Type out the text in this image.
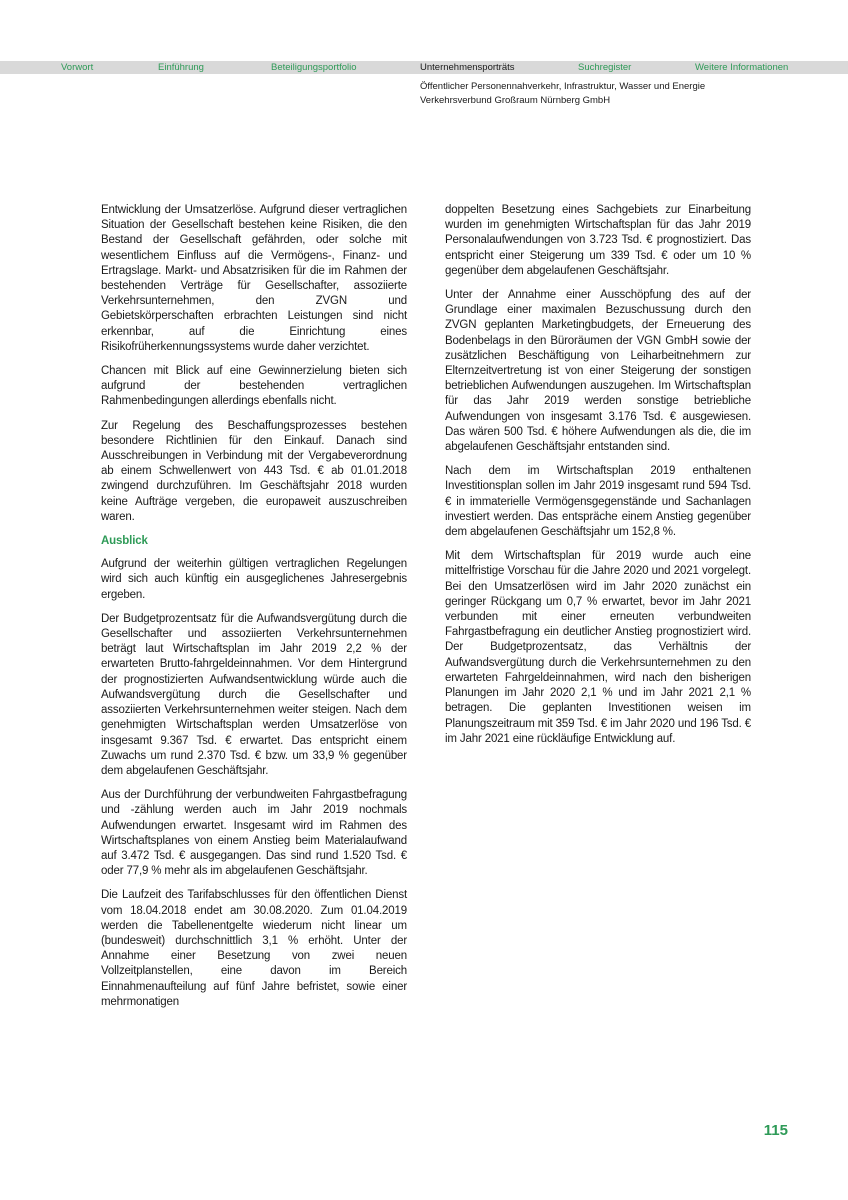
Vorwort	Einführung	Beteiligungsportfolio	Unternehmensporträts	Suchregister	Weitere Informationen
Öffentlicher Personennahverkehr, Infrastruktur, Wasser und Energie
Verkehrsverbund Großraum Nürnberg GmbH

Entwicklung der Umsatzerlöse. Aufgrund dieser vertraglichen Situation der Gesellschaft bestehen keine Risiken, die den Bestand der Gesellschaft gefährden, oder solche mit wesentlichem Einfluss auf die Vermögens-, Finanz- und Ertragslage. Markt- und Absatzrisiken für die im Rahmen der bestehenden Verträge für Gesellschafter, assoziierte Verkehrsunternehmen, den ZVGN und Gebietskörperschaften erbrachten Leistungen sind nicht erkennbar, auf die Einrichtung eines Risikofrüherkennungssystems wurde daher verzichtet.

Chancen mit Blick auf eine Gewinnerzielung bieten sich aufgrund der bestehenden vertraglichen Rahmenbedingungen allerdings ebenfalls nicht.

Zur Regelung des Beschaffungsprozesses bestehen besondere Richtlinien für den Einkauf. Danach sind Ausschreibungen in Verbindung mit der Vergabeverordnung ab einem Schwellenwert von 443 Tsd. € ab 01.01.2018 zwingend durchzuführen. Im Geschäftsjahr 2018 wurden keine Aufträge vergeben, die europaweit auszuschreiben waren.

Ausblick

Aufgrund der weiterhin gültigen vertraglichen Regelungen wird sich auch künftig ein ausgeglichenes Jahresergebnis ergeben.

Der Budgetprozentsatz für die Aufwandsvergütung durch die Gesellschafter und assoziierten Verkehrsunternehmen beträgt laut Wirtschaftsplan im Jahr 2019 2,2 % der erwarteten Brutto-fahrgeldeinnahmen. Vor dem Hintergrund der prognostizierten Aufwandsentwicklung würde auch die Aufwandsvergütung durch die Gesellschafter und assoziierten Verkehrsunternehmen weiter steigen. Nach dem genehmigten Wirtschaftsplan werden Umsatzerlöse von insgesamt 9.367 Tsd. € erwartet. Das entspricht einem Zuwachs um rund 2.370 Tsd. € bzw. um 33,9 % gegenüber dem abgelaufenen Geschäftsjahr.

Aus der Durchführung der verbundweiten Fahrgastbefragung und -zählung werden auch im Jahr 2019 nochmals Aufwendungen erwartet. Insgesamt wird im Rahmen des Wirtschaftsplanes von einem Anstieg beim Materialaufwand auf 3.472 Tsd. € ausgegangen. Das sind rund 1.520 Tsd. € oder 77,9 % mehr als im abgelaufenen Geschäftsjahr.

Die Laufzeit des Tarifabschlusses für den öffentlichen Dienst vom 18.04.2018 endet am 30.08.2020. Zum 01.04.2019 werden die Tabellenentgelte wiederum nicht linear um (bundesweit) durchschnittlich 3,1 % erhöht. Unter der Annahme einer Besetzung von zwei neuen Vollzeitplanstellen, eine davon im Bereich Einnahmenaufteilung auf fünf Jahre befristet, sowie einer mehrmonatigen

doppelten Besetzung eines Sachgebiets zur Einarbeitung wurden im genehmigten Wirtschaftsplan für das Jahr 2019 Personalaufwendungen von 3.723 Tsd. € prognostiziert. Das entspricht einer Steigerung um 339 Tsd. € oder um 10 % gegenüber dem abgelaufenen Geschäftsjahr.

Unter der Annahme einer Ausschöpfung des auf der Grundlage einer maximalen Bezuschussung durch den ZVGN geplanten Marketingbudgets, der Erneuerung des Bodenbelags in den Büroräumen der VGN GmbH sowie der zusätzlichen Beschäftigung von Leiharbeitnehmern zur Elternzeitvertretung ist von einer Steigerung der sonstigen betrieblichen Aufwendungen auszugehen. Im Wirtschaftsplan für das Jahr 2019 werden sonstige betriebliche Aufwendungen von insgesamt 3.176 Tsd. € ausgewiesen. Das wären 500 Tsd. € höhere Aufwendungen als die, die im abgelaufenen Geschäftsjahr entstanden sind.

Nach dem im Wirtschaftsplan 2019 enthaltenen Investitionsplan sollen im Jahr 2019 insgesamt rund 594 Tsd. € in immaterielle Vermögensgegenstände und Sachanlagen investiert werden. Das entspräche einem Anstieg gegenüber dem abgelaufenen Geschäftsjahr um 152,8 %.

Mit dem Wirtschaftsplan für 2019 wurde auch eine mittelfristige Vorschau für die Jahre 2020 und 2021 vorgelegt. Bei den Umsatzerlösen wird im Jahr 2020 zunächst ein geringer Rückgang um 0,7 % erwartet, bevor im Jahr 2021 verbunden mit einer erneuten verbundweiten Fahrgastbefragung ein deutlicher Anstieg prognostiziert wird. Der Budgetprozentsatz, das Verhältnis der Aufwandsvergütung durch die Verkehrsunternehmen zu den erwarteten Fahrgeldeinnahmen, wird nach den bisherigen Planungen im Jahr 2020 2,1 % und im Jahr 2021 2,1 % betragen. Die geplanten Investitionen weisen im Planungszeitraum mit 359 Tsd. € im Jahr 2020 und 196 Tsd. € im Jahr 2021 eine rückläufige Entwicklung auf.

115
